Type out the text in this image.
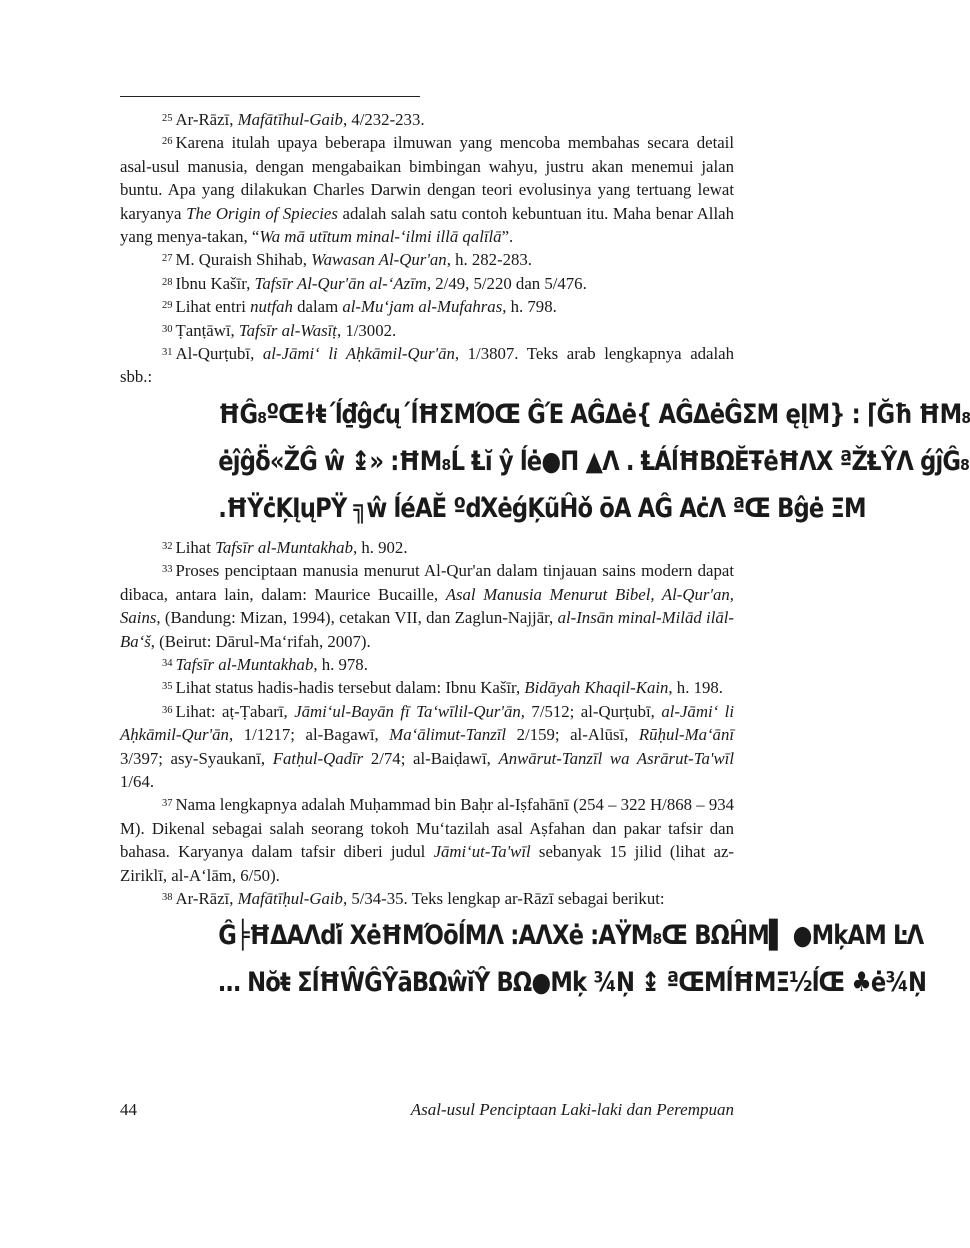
$^{25}$ Ar-Rāzī, Mafātīhul-Gaib, 4/232-233.

$^{26}$ Karena itulah upaya beberapa ilmuwan yang mencoba membahas secara detail asal-usul manusia, dengan mengabaikan bimbingan wahyu, justru akan menemui jalan buntu. Apa yang dilakukan Charles Darwin dengan teori evolusinya yang tertuang lewat karyanya The Origin of Spiecies adalah salah satu contoh kebuntuan itu. Maha benar Allah yang menya-takan, “Wa mā utītum minal-‘ilmi illā qalīlā”.

$^{27}$ M. Quraish Shihab, Wawasan Al-Qur'an, h. 282-283.

$^{28}$ Ibnu Kašīr, Tafsīr Al-Qur'ān al-‘Azīm, 2/49, 5/220 dan 5/476.

$^{29}$ Lihat entri nutfah dalam al-Mu‘jam al-Mufahras, h. 798.

$^{30}$ Ṭanṭāwī, Tafsīr al-Wasīṭ, 1/3002.

$^{31}$ Al-Qurṭubī, al-Jāmi‘ li Aḥkāmil-Qur'ān, 1/3807. Teks arab lengkapnya adalah sbb.:

ĦĜ₈ºŒɫŧ΄ĺ₫ĝƈųˊĺĦΣΜΌŒ ĜΈ ΑĜΔė{ ΑĜΔėĜΣΜ ęĮΜ} : ⌈Ğħ ĦΜ₈
ėĵĝδ̈«ŽĜ ŵ ↨» :ĦΜ₈Ĺ Ⱡĭ ŷ ĺė●Π ▲Λ . ⱠÁĺĦΒΩĔŦėĦΛΧ ªŽⱠŶΛ ǵĵĜ₈
.ĦŸċĶĮųΡŸ ╗ŵ ĺéΑĔ ºďΧėǵĶũĤǒ ōΑ ΑĜ ΑċΛ ªŒ Βĝė ΞΜ

$^{32}$ Lihat Tafsīr al-Muntakhab, h. 902.

$^{33}$ Proses penciptaan manusia menurut Al-Qur'an dalam tinjauan sains modern dapat dibaca, antara lain, dalam: Maurice Bucaille, Asal Manusia Menurut Bibel, Al-Qur'an, Sains, (Bandung: Mizan, 1994), cetakan VII, dan Zaglun-Najjār, al-Insān minal-Milād ilāl-Ba‘š, (Beirut: Dārul-Ma‘rifah, 2007).

$^{34}$ Tafsīr al-Muntakhab, h. 978.

$^{35}$ Lihat status hadis-hadis tersebut dalam: Ibnu Kašīr, Bidāyah Khaqil-Kain, h. 198.

$^{36}$ Lihat: aṭ-Ṭabarī, Jāmi‘ul-Bayān fī Ta‘wīlil-Qur'ān, 7/512; al-Qurṭubī, al-Jāmi‘ li Aḥkāmil-Qur'ān, 1/1217; al-Bagawī, Ma‘ālimut-Tanzīl 2/159; al-Alūsī, Rūḥul-Ma‘ānī 3/397; asy-Syaukanī, Fatḥul-Qadīr 2/74; al-Baiḍawī, Anwārut-Tanzīl wa Asrārut-Ta'wīl 1/64.

$^{37}$ Nama lengkapnya adalah Muḥammad bin Baḥr al-Iṣfahānī (254 – 322 H/868 – 934 M). Dikenal sebagai salah seorang tokoh Mu‘tazilah asal Aṣfahan dan pakar tafsir dan bahasa. Karyanya dalam tafsir diberi judul Jāmi‘ut-Ta'wīl sebanyak 15 jilid (lihat az-Ziriklī, al-A‘lām, 6/50).

$^{38}$ Ar-Rāzī, Mafātīḥul-Gaib, 5/34-35. Teks lengkap ar-Rāzī sebagai berikut:

Ĝ╞ĦΔΑΛďĭ ΧėĦΜΌōĺΜΛ :ΑΛΧė :ΑŸΜ₈Œ ΒΩĤΜ▌ ●ΜķΑΜ ĿΛ
… Νŏŧ ΣĺĦŴĜŶāΒΩŵĭŶ ΒΩ●Μķ ¾Ņ ↨ ªŒΜĺĦΜΞ½ĺŒ ♣ė¾Ņ
44	Asal-usul Penciptaan Laki-laki dan Perempuan
